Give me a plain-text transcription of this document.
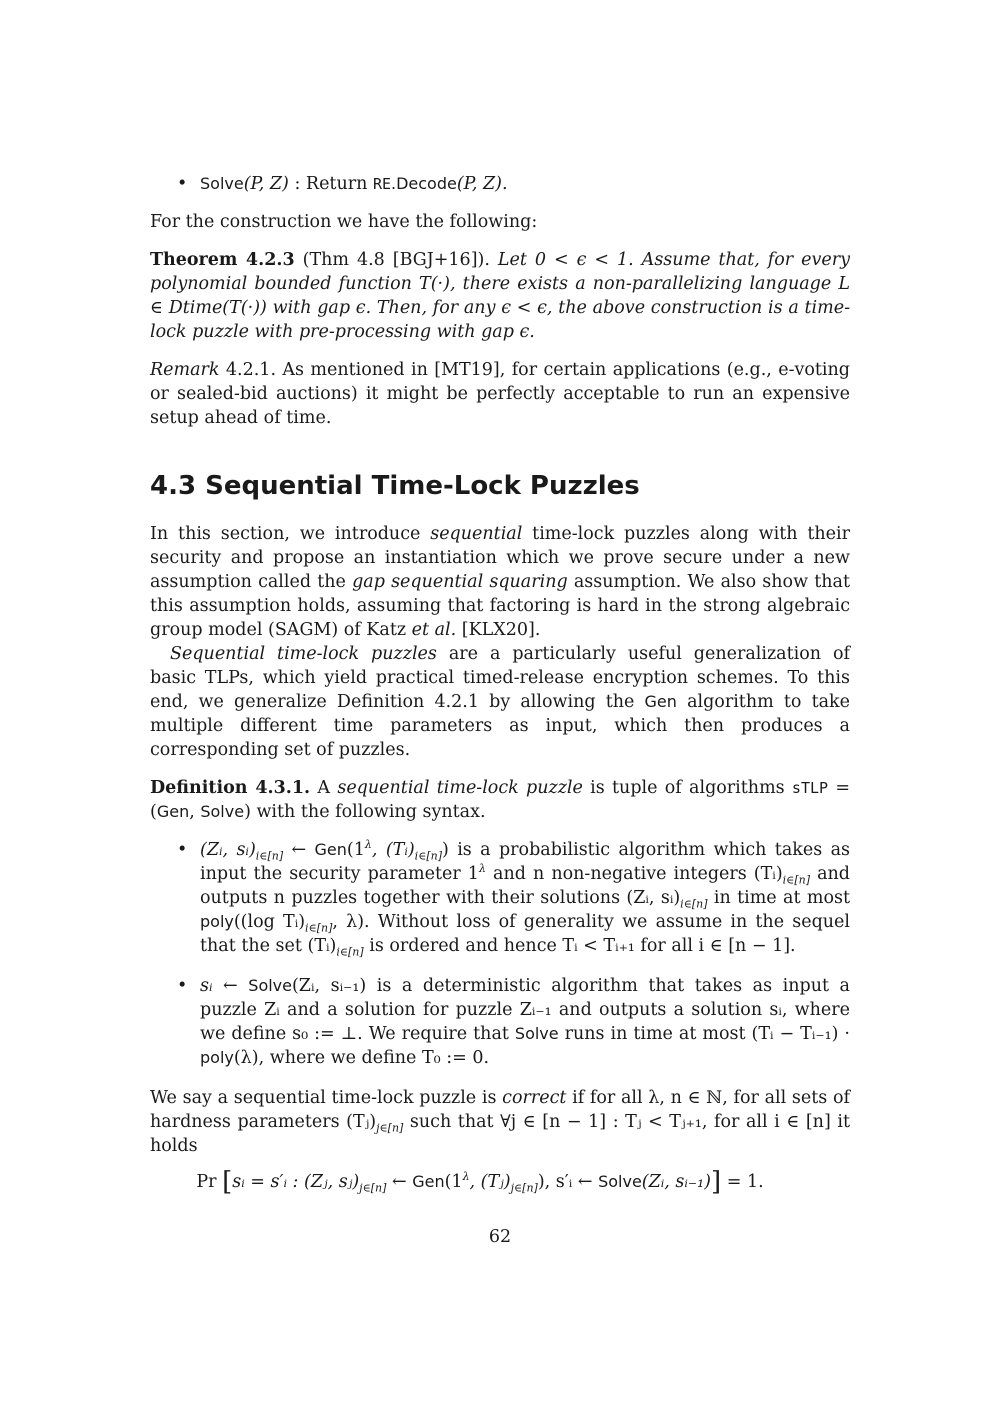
• Solve(P, Z) : Return RE.Decode(P, Z).

For the construction we have the following:

Theorem 4.2.3 (Thm 4.8 [BGJ+16]). Let 0 < ϵ < 1. Assume that, for every polynomial bounded function T(·), there exists a non-parallelizing language L ∈ Dtime(T(·)) with gap ϵ. Then, for any ϵ < ϵ, the above construction is a time-lock puzzle with pre-processing with gap ϵ.

Remark 4.2.1. As mentioned in [MT19], for certain applications (e.g., e-voting or sealed-bid auctions) it might be perfectly acceptable to run an expensive setup ahead of time.

4.3 Sequential Time-Lock Puzzles

In this section, we introduce sequential time-lock puzzles along with their security and propose an instantiation which we prove secure under a new assumption called the gap sequential squaring assumption. We also show that this assumption holds, assuming that factoring is hard in the strong algebraic group model (SAGM) of Katz et al. [KLX20].

Sequential time-lock puzzles are a particularly useful generalization of basic TLPs, which yield practical timed-release encryption schemes. To this end, we generalize Definition 4.2.1 by allowing the Gen algorithm to take multiple different time parameters as input, which then produces a corresponding set of puzzles.

Definition 4.3.1. A sequential time-lock puzzle is tuple of algorithms sTLP = (Gen, Solve) with the following syntax.

• (Zᵢ, $sᵢ)_{i\in[n]}$ ← $Gen(1^\lambda$, $(Tᵢ)_{i\in[n]}$) is a probabilistic algorithm which takes as input the security parameter $1^\lambda$ and n non-negative integers $(Tᵢ)_{i\in[n]}$ and outputs n puzzles together with their solutions (Zᵢ, $sᵢ)_{i\in[n]}$ in time at most poly((log $Tᵢ)_{i\in[n]}$, λ). Without loss of generality we assume in the sequel that the set $(Tᵢ)_{i\in[n]}$ is ordered and hence Tᵢ < Tᵢ₊₁ for all i ∈ [n − 1].
• sᵢ ← Solve(Zᵢ, sᵢ₋₁) is a deterministic algorithm that takes as input a puzzle Zᵢ and a solution for puzzle Zᵢ₋₁ and outputs a solution sᵢ, where we define s₀ := ⊥. We require that Solve runs in time at most (Tᵢ − Tᵢ₋₁) · poly(λ), where we define T₀ := 0.

We say a sequential time-lock puzzle is correct if for all λ, n ∈ ℕ, for all sets of hardness parameters $(Tⱼ)_{j\in[n]}$ such that ∀j ∈ [n − 1] : Tⱼ < Tⱼ₊₁, for all i ∈ [n] it holds

Pr [sᵢ = s′ᵢ : (Zⱼ, $sⱼ)_{j\in[n]}$ ← $Gen(1^\lambda$, $(Tⱼ)_{j\in[n]}$), s′ᵢ ← Solve(Zᵢ, sᵢ₋₁)] = 1.

62
